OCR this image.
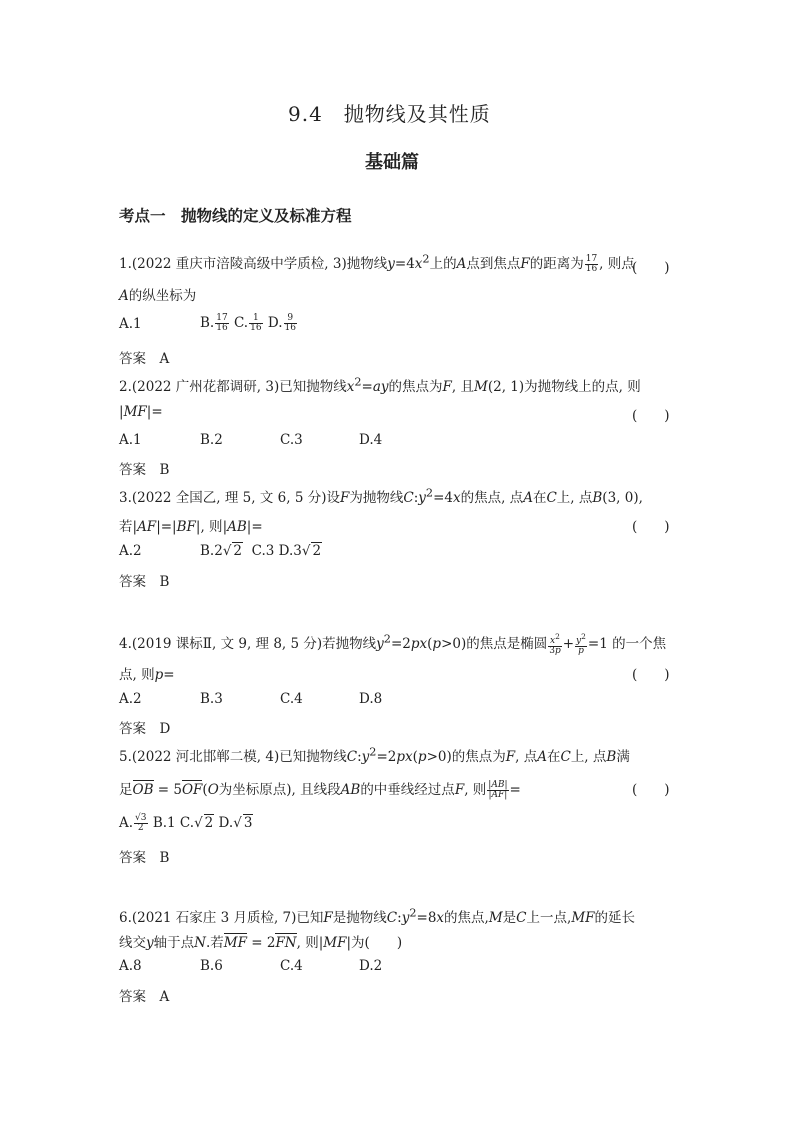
9.4　抛物线及其性质
基础篇
考点一　抛物线的定义及标准方程
1.(2022 重庆市涪陵高级中学质检, 3)抛物线$y=4x^2$上的A点到焦点F的距离为 $\frac{17}{16}$ , 则点
(　　)
A的纵坐标为
A.1	B. $\frac{17}{16} C$. $\frac{1}{16} D$. $\frac{9}{16}$
答案　 A
2.(2022 广州花都调研, 3)已知抛物线$x^2=ay$的焦点为F, 且M(2, 1)为抛物线上的点, 则
|MF|=	(　　)
A.1	B.2	C.3	D.4
答案　 B
3.(2022 全国乙, 理 5, 文 6, 5 分)设F为抛物线$C:y^2=4x$的焦点, 点A在C上, 点B(3, 0),
若|AF|=|BF|, 则|AB|=	(　　)
A.2	B.2√ 2 C.3 D.3√ 2
答案　 B
4.(2019 课标Ⅱ, 文 9, 理 8, 5 分)若抛物线$y^2=2px(p>0)$的焦点是椭圆 $\frac{x^2}{3p} + \frac{y^2}{p} =1$ 的一个焦
点, 则p=	(　　)
A.2	B.3	C.4	D.8
答案　 D
5.(2022 河北邯郸二模, 4)已知抛物线$C:y^2=2px(p>0)$的焦点为F, 点A在C上, 点B满
足OB = 5OF(O为坐标原点), 且线段AB的中垂线经过点F, 则 $\frac{|AB|}{|AF|}$ =	(　　)
A. $\frac{√3}{2} B.1$ C.√ 2 D.√ 3
答案　 B
6.(2021 石家庄 3 月质检, 7)已知F是抛物线$C:y^2=8x$的焦点,M是C上一点,MF的延长
线交y轴于点N.若MF = 2FN, 则|MF|为(　　)
A.8	B.6	C.4	D.2
答案　 A
